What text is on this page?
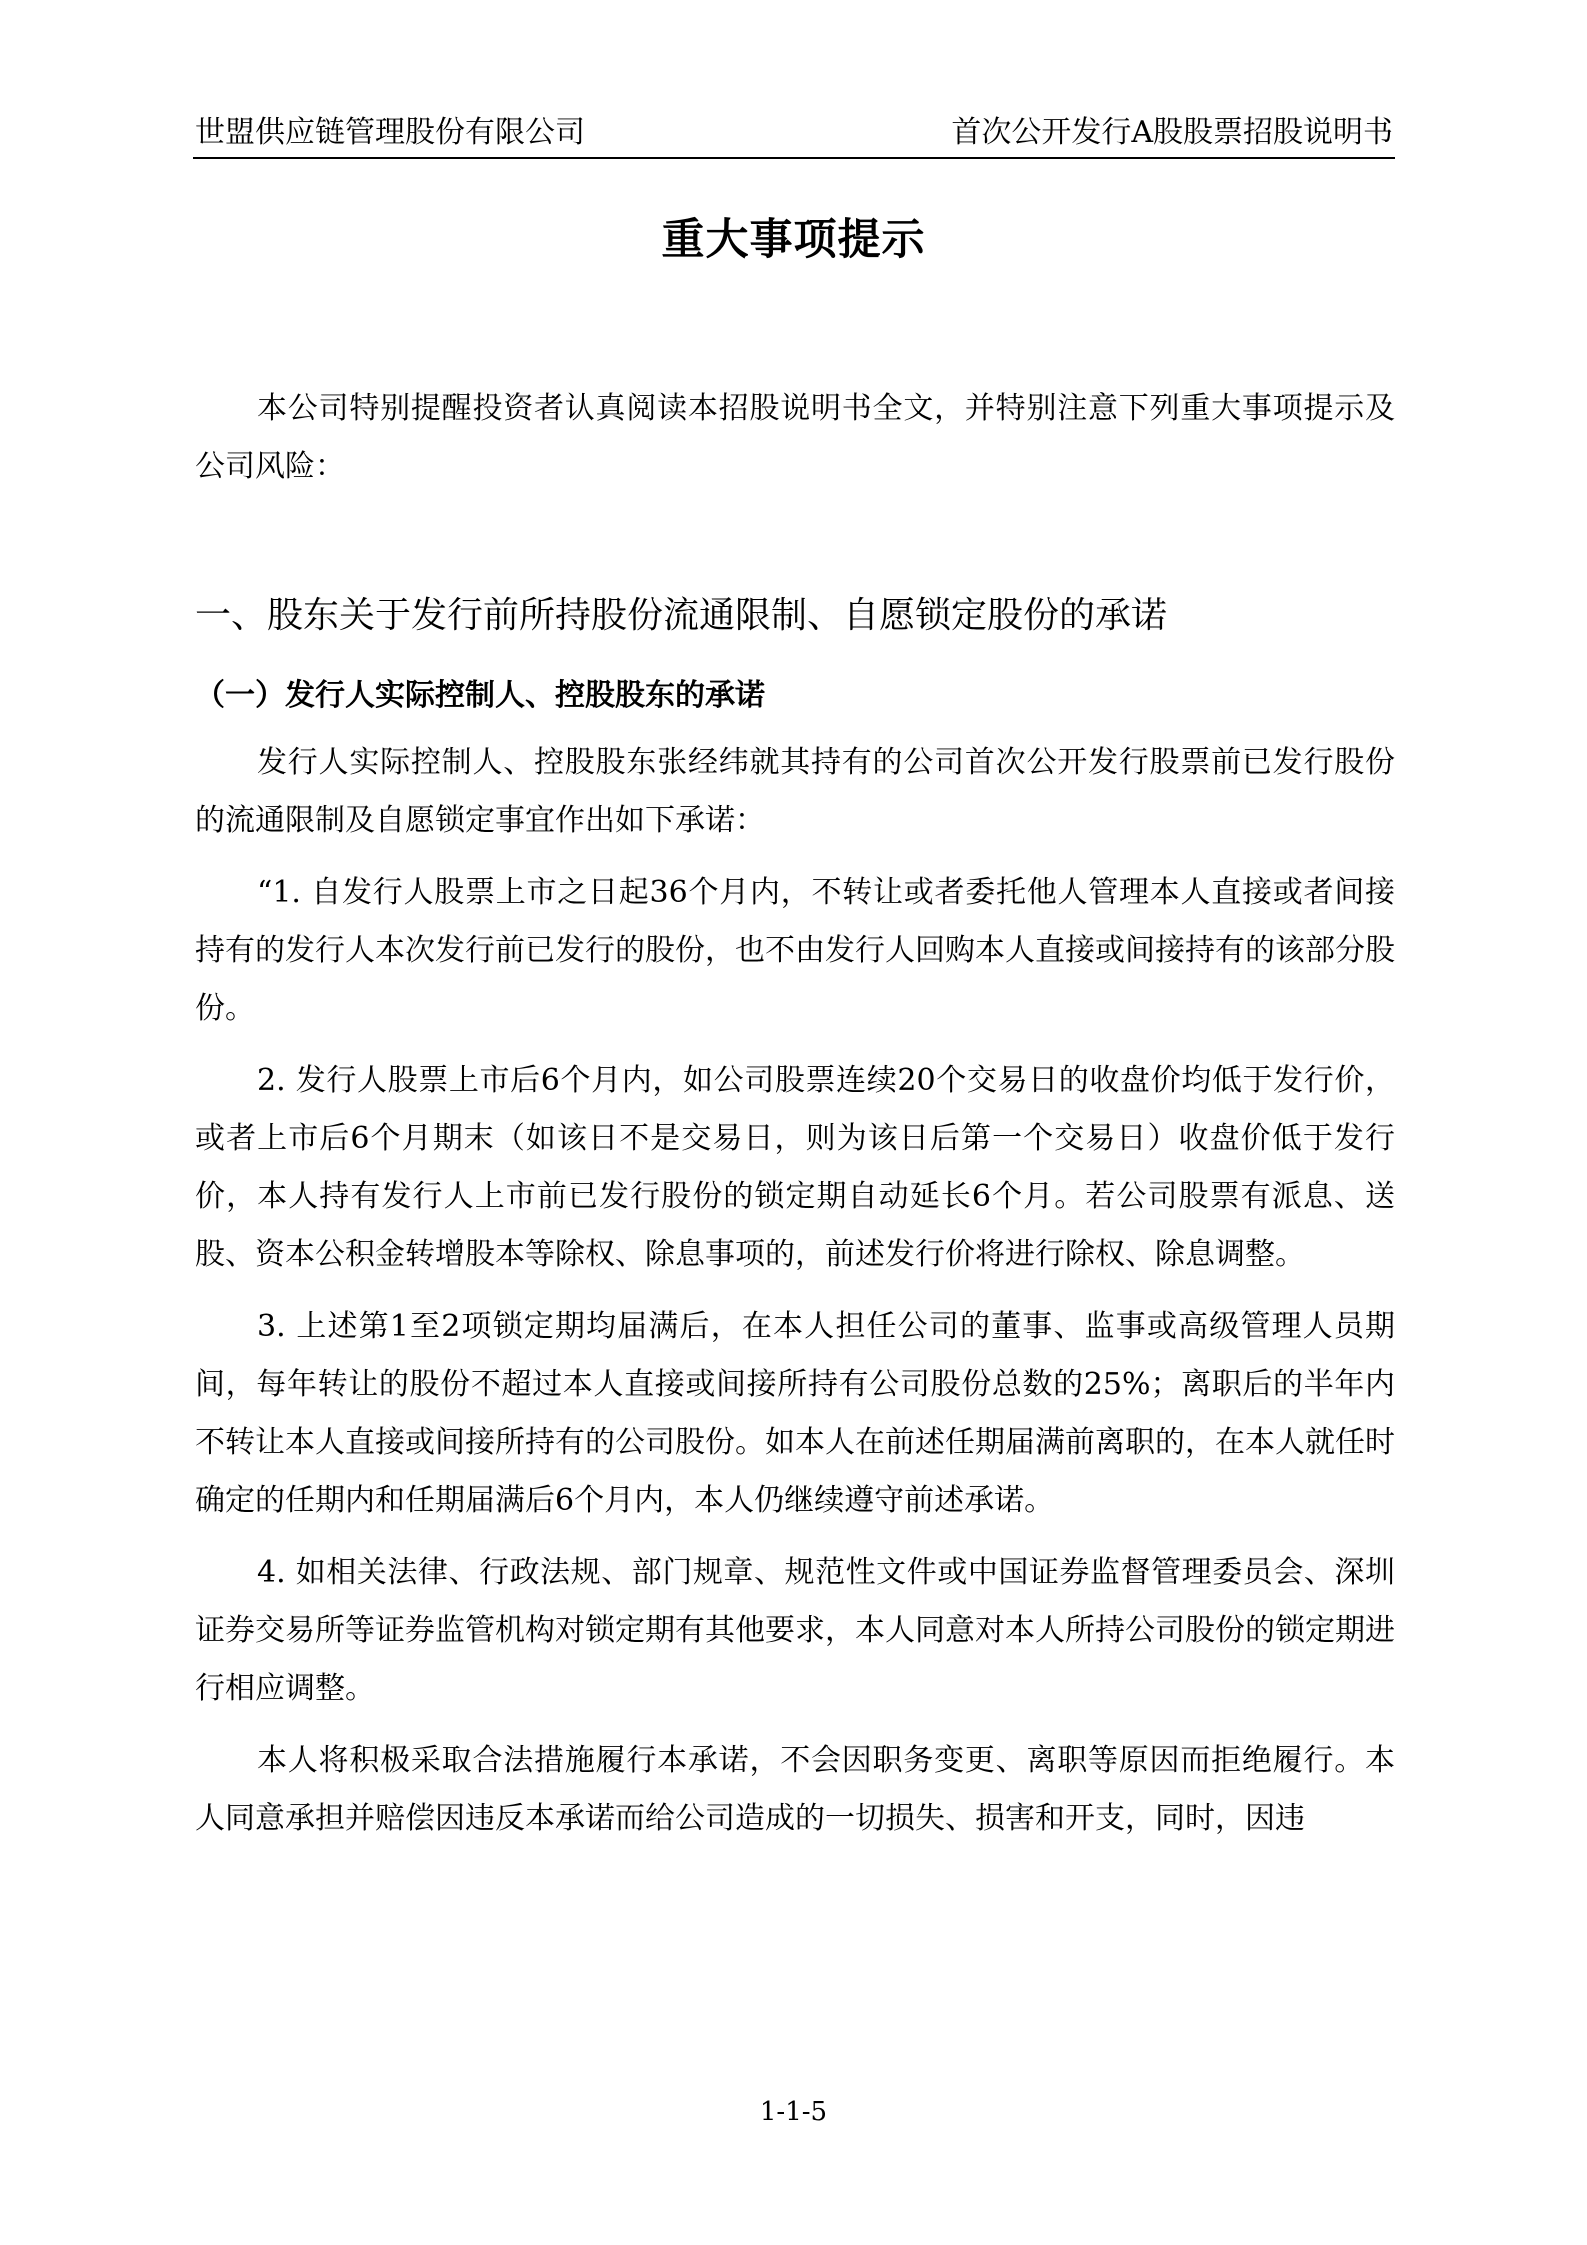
世盟供应链管理股份有限公司	首次公开发行A股股票招股说明书
重大事项提示

本公司特别提醒投资者认真阅读本招股说明书全文，并特别注意下列重大事项提示及公司风险：

一、股东关于发行前所持股份流通限制、自愿锁定股份的承诺
（一）发行人实际控制人、控股股东的承诺

发行人实际控制人、控股股东张经纬就其持有的公司首次公开发行股票前已发行股份的流通限制及自愿锁定事宜作出如下承诺：

“1. 自发行人股票上市之日起36个月内，不转让或者委托他人管理本人直接或者间接持有的发行人本次发行前已发行的股份，也不由发行人回购本人直接或间接持有的该部分股份。

2. 发行人股票上市后6个月内，如公司股票连续20个交易日的收盘价均低于发行价，或者上市后6个月期末（如该日不是交易日，则为该日后第一个交易日）收盘价低于发行价，本人持有发行人上市前已发行股份的锁定期自动延长6个月。若公司股票有派息、送股、资本公积金转增股本等除权、除息事项的，前述发行价将进行除权、除息调整。

3. 上述第1至2项锁定期均届满后，在本人担任公司的董事、监事或高级管理人员期间，每年转让的股份不超过本人直接或间接所持有公司股份总数的25%；离职后的半年内不转让本人直接或间接所持有的公司股份。如本人在前述任期届满前离职的，在本人就任时确定的任期内和任期届满后6个月内，本人仍继续遵守前述承诺。

4. 如相关法律、行政法规、部门规章、规范性文件或中国证券监督管理委员会、深圳证券交易所等证券监管机构对锁定期有其他要求，本人同意对本人所持公司股份的锁定期进行相应调整。

本人将积极采取合法措施履行本承诺，不会因职务变更、离职等原因而拒绝履行。本人同意承担并赔偿因违反本承诺而给公司造成的一切损失、损害和开支，同时，因违

1-1-5
